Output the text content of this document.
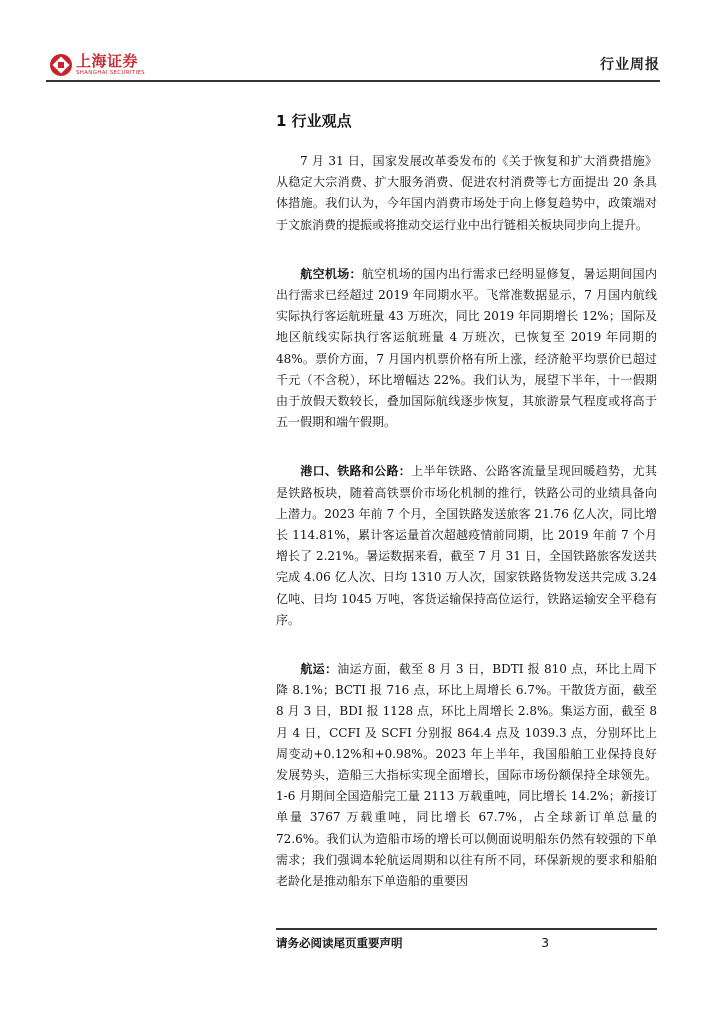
上海证券
SHANGHAI SECURITIES	行业周报
1 行业观点

7 月 31 日，国家发展改革委发布的《关于恢复和扩大消费措施》从稳定大宗消费、扩大服务消费、促进农村消费等七方面提出 20 条具体措施。我们认为，今年国内消费市场处于向上修复趋势中，政策端对于文旅消费的提振或将推动交运行业中出行链相关板块同步向上提升。

航空机场：航空机场的国内出行需求已经明显修复，暑运期间国内出行需求已经超过 2019 年同期水平。飞常准数据显示，7 月国内航线实际执行客运航班量 43 万班次，同比 2019 年同期增长 12%；国际及地区航线实际执行客运航班量 4 万班次，已恢复至 2019 年同期的 48%。票价方面，7 月国内机票价格有所上涨，经济舱平均票价已超过千元（不含税），环比增幅达 22%。我们认为，展望下半年，十一假期由于放假天数较长，叠加国际航线逐步恢复，其旅游景气程度或将高于五一假期和端午假期。

港口、铁路和公路：上半年铁路、公路客流量呈现回暖趋势，尤其是铁路板块，随着高铁票价市场化机制的推行，铁路公司的业绩具备向上潜力。2023 年前 7 个月，全国铁路发送旅客 21.76 亿人次，同比增长 114.81%，累计客运量首次超越疫情前同期，比 2019 年前 7 个月增长了 2.21%。暑运数据来看，截至 7 月 31 日，全国铁路旅客发送共完成 4.06 亿人次、日均 1310 万人次，国家铁路货物发送共完成 3.24 亿吨、日均 1045 万吨，客货运输保持高位运行，铁路运输安全平稳有序。

航运：油运方面，截至 8 月 3 日，BDTI 报 810 点，环比上周下降 8.1%；BCTI 报 716 点，环比上周增长 6.7%。干散货方面，截至 8 月 3 日，BDI 报 1128 点，环比上周增长 2.8%。集运方面，截至 8 月 4 日，CCFI 及 SCFI 分别报 864.4 点及 1039.3 点，分别环比上周变动+0.12%和+0.98%。2023 年上半年，我国船舶工业保持良好发展势头，造船三大指标实现全面增长，国际市场份额保持全球领先。1-6 月期间全国造船完工量 2113 万载重吨，同比增长 14.2%；新接订单量 3767 万载重吨，同比增长 67.7%，占全球新订单总量的 72.6%。我们认为造船市场的增长可以侧面说明船东仍然有较强的下单需求；我们强调本轮航运周期和以往有所不同，环保新规的要求和船舶老龄化是推动船东下单造船的重要因

请务必阅读尾页重要声明	3
